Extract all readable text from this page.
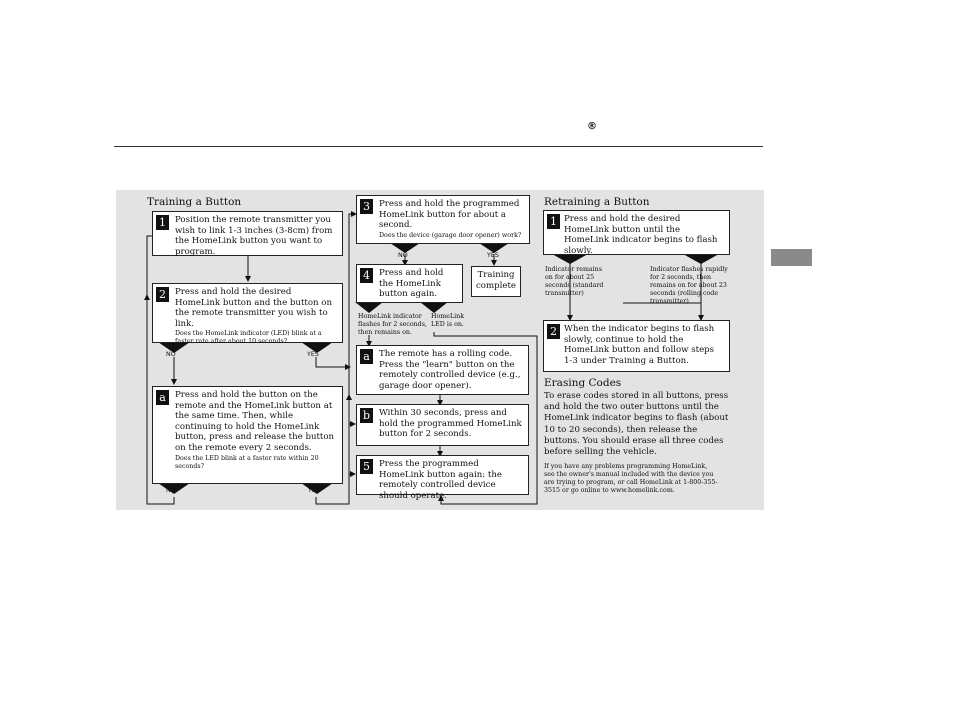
®
Training a Button
1	Position the remote transmitter you wish to link 1-3 inches (3-8cm) from the HomeLink button you want to program.
2	Press and hold the desired HomeLink button and the button on the remote transmitter you wish to link.
Does the HomeLink indicator (LED) blink at a faster rate after about 10 seconds?
NO	YES
a	Press and hold the button on the remote and the HomeLink button at the same time. Then, while continuing to hold the HomeLink button, press and release the button on the remote every 2 seconds.
Does the LED blink at a faster rate within 20 seconds?
NO	YES
3	Press and hold the programmed HomeLink button for about a second.
Does the device (garage door opener) work?
NO	YES
4	Press and hold the HomeLink button again.
Training complete
HomeLink indicator
flashes for 2 seconds,
then remains on.
HomeLink
LED is on.
a	The remote has a rolling code. Press the "learn" button on the remotely controlled device (e.g., garage door opener).
b	Within 30 seconds, press and hold the programmed HomeLink button for 2 seconds.
5	Press the programmed HomeLink button again: the remotely controlled device should operate.
Retraining a Button
1 Press and hold the desired HomeLink button until the HomeLink indicator begins to flash slowly.
Indicator remains
on for about 25
seconds (standard
transmitter)
Indicator flashes rapidly
for 2 seconds, then
remains on for about 23
seconds (rolling code
transmitter)
2 When the indicator begins to flash slowly, continue to hold the HomeLink button and follow steps 1-3 under Training a Button.
Erasing Codes
To erase codes stored in all buttons, press and hold the two outer buttons until the HomeLink indicator begins to flash (about 10 to 20 seconds), then release the buttons. You should erase all three codes before selling the vehicle.
If you have any problems programming HomeLink, see the owner's manual included with the device you are trying to program, or call HomeLink at 1-800-355-3515 or go online to www.homelink.com.
